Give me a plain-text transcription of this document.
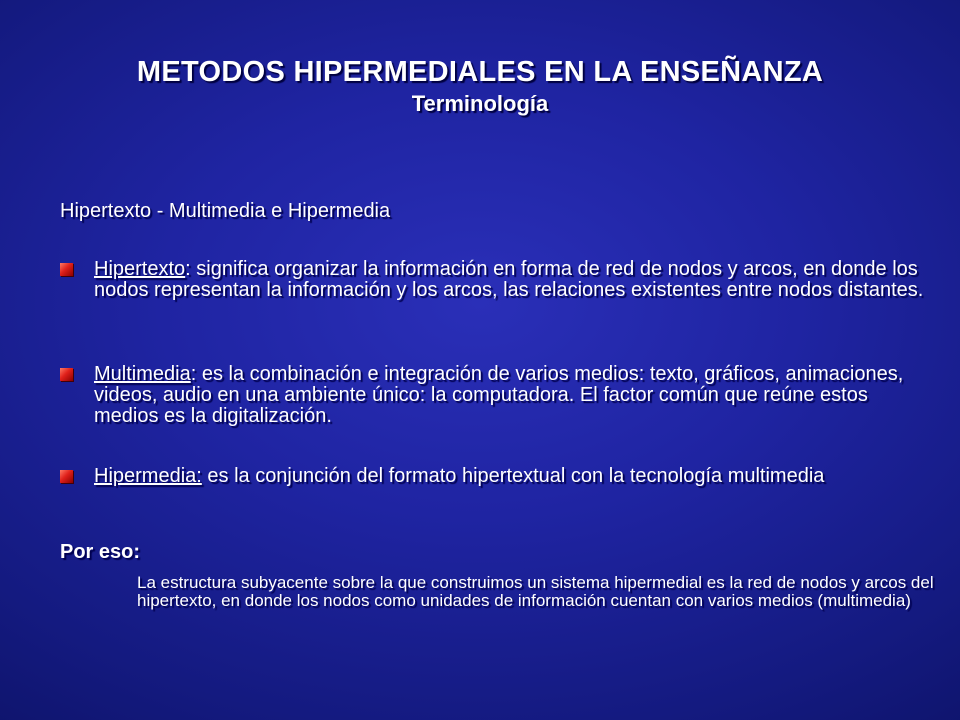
METODOS HIPERMEDIALES EN LA ENSEÑANZA
Terminología
Hipertexto - Multimedia e Hipermedia
Hipertexto: significa organizar la información en forma de red de nodos y arcos, en donde los nodos representan la información y los arcos, las relaciones existentes entre nodos distantes.
Multimedia: es la combinación e integración de varios medios: texto, gráficos, animaciones, videos, audio en una ambiente único: la computadora. El factor común que reúne estos medios es la digitalización.
Hipermedia: es la conjunción del formato hipertextual con la tecnología multimedia
Por eso:
La estructura subyacente sobre la que construimos un sistema hipermedial es la red de nodos y arcos del hipertexto, en donde los nodos como unidades de información cuentan con varios medios (multimedia)
